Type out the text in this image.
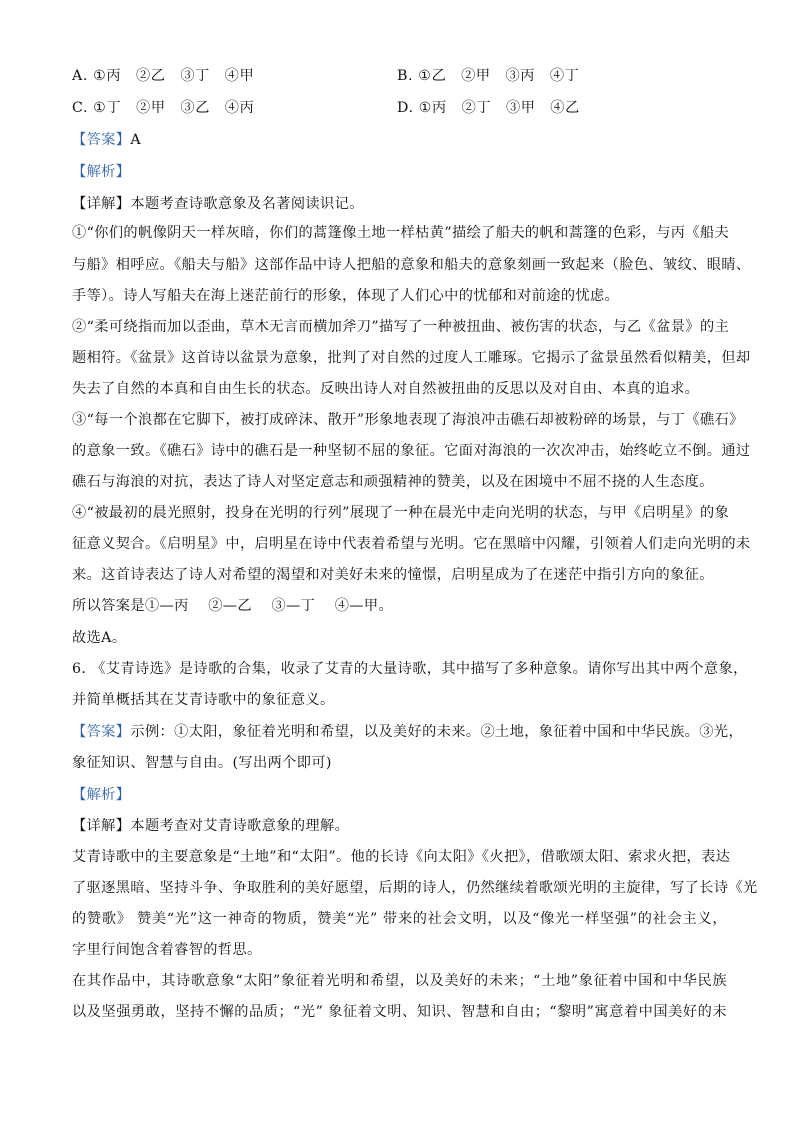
A. ①丙　②乙　③丁　④甲	B. ①乙　②甲　③丙　④丁
C. ①丁　②甲　③乙　④丙	D. ①丙　②丁　③甲　④乙
【答案】A
【解析】
【详解】本题考查诗歌意象及名著阅读识记。
①“你们的帆像阴天一样灰暗，你们的蒿篷像土地一样枯黄”描绘了船夫的帆和蒿篷的色彩，与丙《船夫
与船》相呼应。《船夫与船》这部作品中诗人把船的意象和船夫的意象刻画一致起来（脸色、皱纹、眼睛、
手等）。诗人写船夫在海上迷茫前行的形象，体现了人们心中的忧郁和对前途的忧虑。
②“柔可绕指而加以歪曲，草木无言而横加斧刀”描写了一种被扭曲、被伤害的状态，与乙《盆景》的主
题相符。《盆景》这首诗以盆景为意象，批判了对自然的过度人工雕琢。它揭示了盆景虽然看似精美，但却
失去了自然的本真和自由生长的状态。反映出诗人对自然被扭曲的反思以及对自由、本真的追求。
③“每一个浪都在它脚下，被打成碎沫、散开”形象地表现了海浪冲击礁石却被粉碎的场景，与丁《礁石》
的意象一致。《礁石》诗中的礁石是一种坚韧不屈的象征。它面对海浪的一次次冲击，始终屹立不倒。通过
礁石与海浪的对抗，表达了诗人对坚定意志和顽强精神的赞美，以及在困境中不屈不挠的人生态度。
④“被最初的晨光照射，投身在光明的行列”展现了一种在晨光中走向光明的状态，与甲《启明星》的象
征意义契合。《启明星》中，启明星在诗中代表着希望与光明。它在黑暗中闪耀，引领着人们走向光明的未
来。这首诗表达了诗人对希望的渴望和对美好未来的憧憬，启明星成为了在迷茫中指引方向的象征。
所以答案是①—丙　 ②—乙　 ③—丁　 ④—甲。
故选A。
6. 《艾青诗选》是诗歌的合集，收录了艾青的大量诗歌，其中描写了多种意象。请你写出其中两个意象，
并简单概括其在艾青诗歌中的象征意义。
【答案】示例：①太阳，象征着光明和希望，以及美好的未来。②土地，象征着中国和中华民族。③光，
象征知识、智慧与自由。(写出两个即可)
【解析】
【详解】本题考查对艾青诗歌意象的理解。
艾青诗歌中的主要意象是“土地”和“太阳”。他的长诗《向太阳》《火把》，借歌颂太阳、索求火把，表达
了驱逐黑暗、坚持斗争、争取胜利的美好愿望，后期的诗人，仍然继续着歌颂光明的主旋律，写了长诗《光
的赞歌》 赞美“光”这一神奇的物质，赞美“光” 带来的社会文明，以及“像光一样坚强”的社会主义，
字里行间饱含着睿智的哲思。
在其作品中，其诗歌意象“太阳”象征着光明和希望，以及美好的未来；“土地”象征着中国和中华民族
以及坚强勇敢，坚持不懈的品质；“光” 象征着文明、知识、智慧和自由；“黎明”寓意着中国美好的未
